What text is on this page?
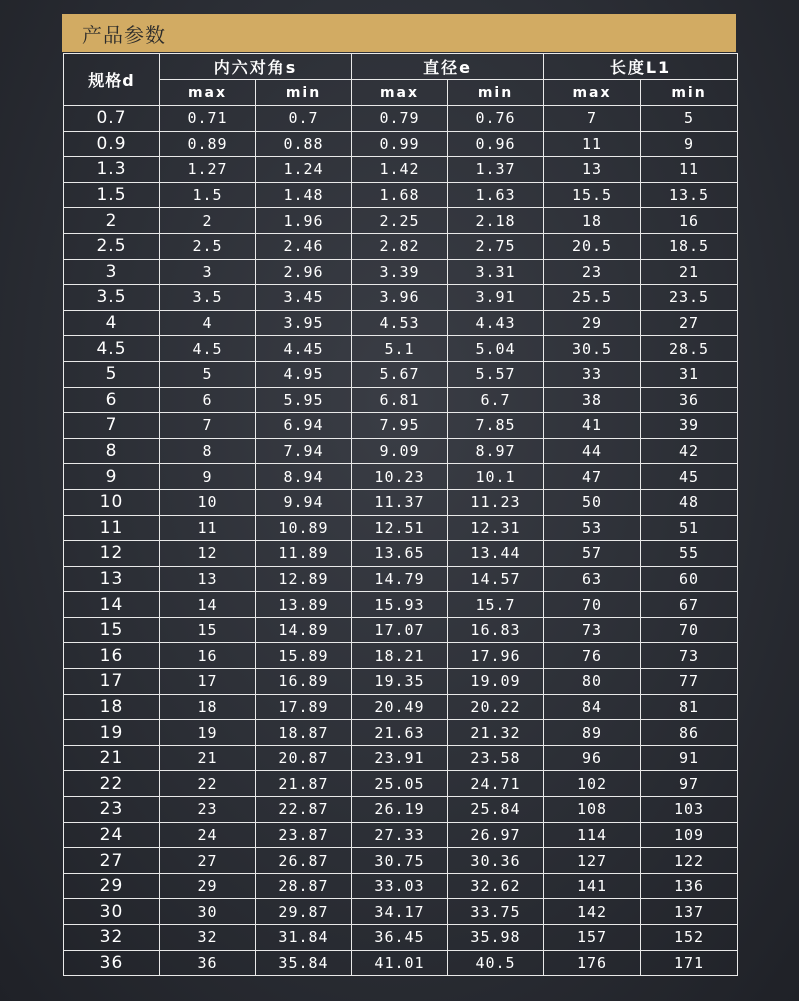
产品参数
规格d	内六对角s		直径e		长度L1	
	max	min	max	min	max	min
0.7	0.71	0.7	0.79	0.76	7	5
0.9	0.89	0.88	0.99	0.96	11	9
1.3	1.27	1.24	1.42	1.37	13	11
1.5	1.5	1.48	1.68	1.63	15.5	13.5
2	2	1.96	2.25	2.18	18	16
2.5	2.5	2.46	2.82	2.75	20.5	18.5
3	3	2.96	3.39	3.31	23	21
3.5	3.5	3.45	3.96	3.91	25.5	23.5
4	4	3.95	4.53	4.43	29	27
4.5	4.5	4.45	5.1	5.04	30.5	28.5
5	5	4.95	5.67	5.57	33	31
6	6	5.95	6.81	6.7	38	36
7	7	6.94	7.95	7.85	41	39
8	8	7.94	9.09	8.97	44	42
9	9	8.94	10.23	10.1	47	45
10	10	9.94	11.37	11.23	50	48
11	11	10.89	12.51	12.31	53	51
12	12	11.89	13.65	13.44	57	55
13	13	12.89	14.79	14.57	63	60
14	14	13.89	15.93	15.7	70	67
15	15	14.89	17.07	16.83	73	70
16	16	15.89	18.21	17.96	76	73
17	17	16.89	19.35	19.09	80	77
18	18	17.89	20.49	20.22	84	81
19	19	18.87	21.63	21.32	89	86
21	21	20.87	23.91	23.58	96	91
22	22	21.87	25.05	24.71	102	97
23	23	22.87	26.19	25.84	108	103
24	24	23.87	27.33	26.97	114	109
27	27	26.87	30.75	30.36	127	122
29	29	28.87	33.03	32.62	141	136
30	30	29.87	34.17	33.75	142	137
32	32	31.84	36.45	35.98	157	152
36	36	35.84	41.01	40.5	176	171
